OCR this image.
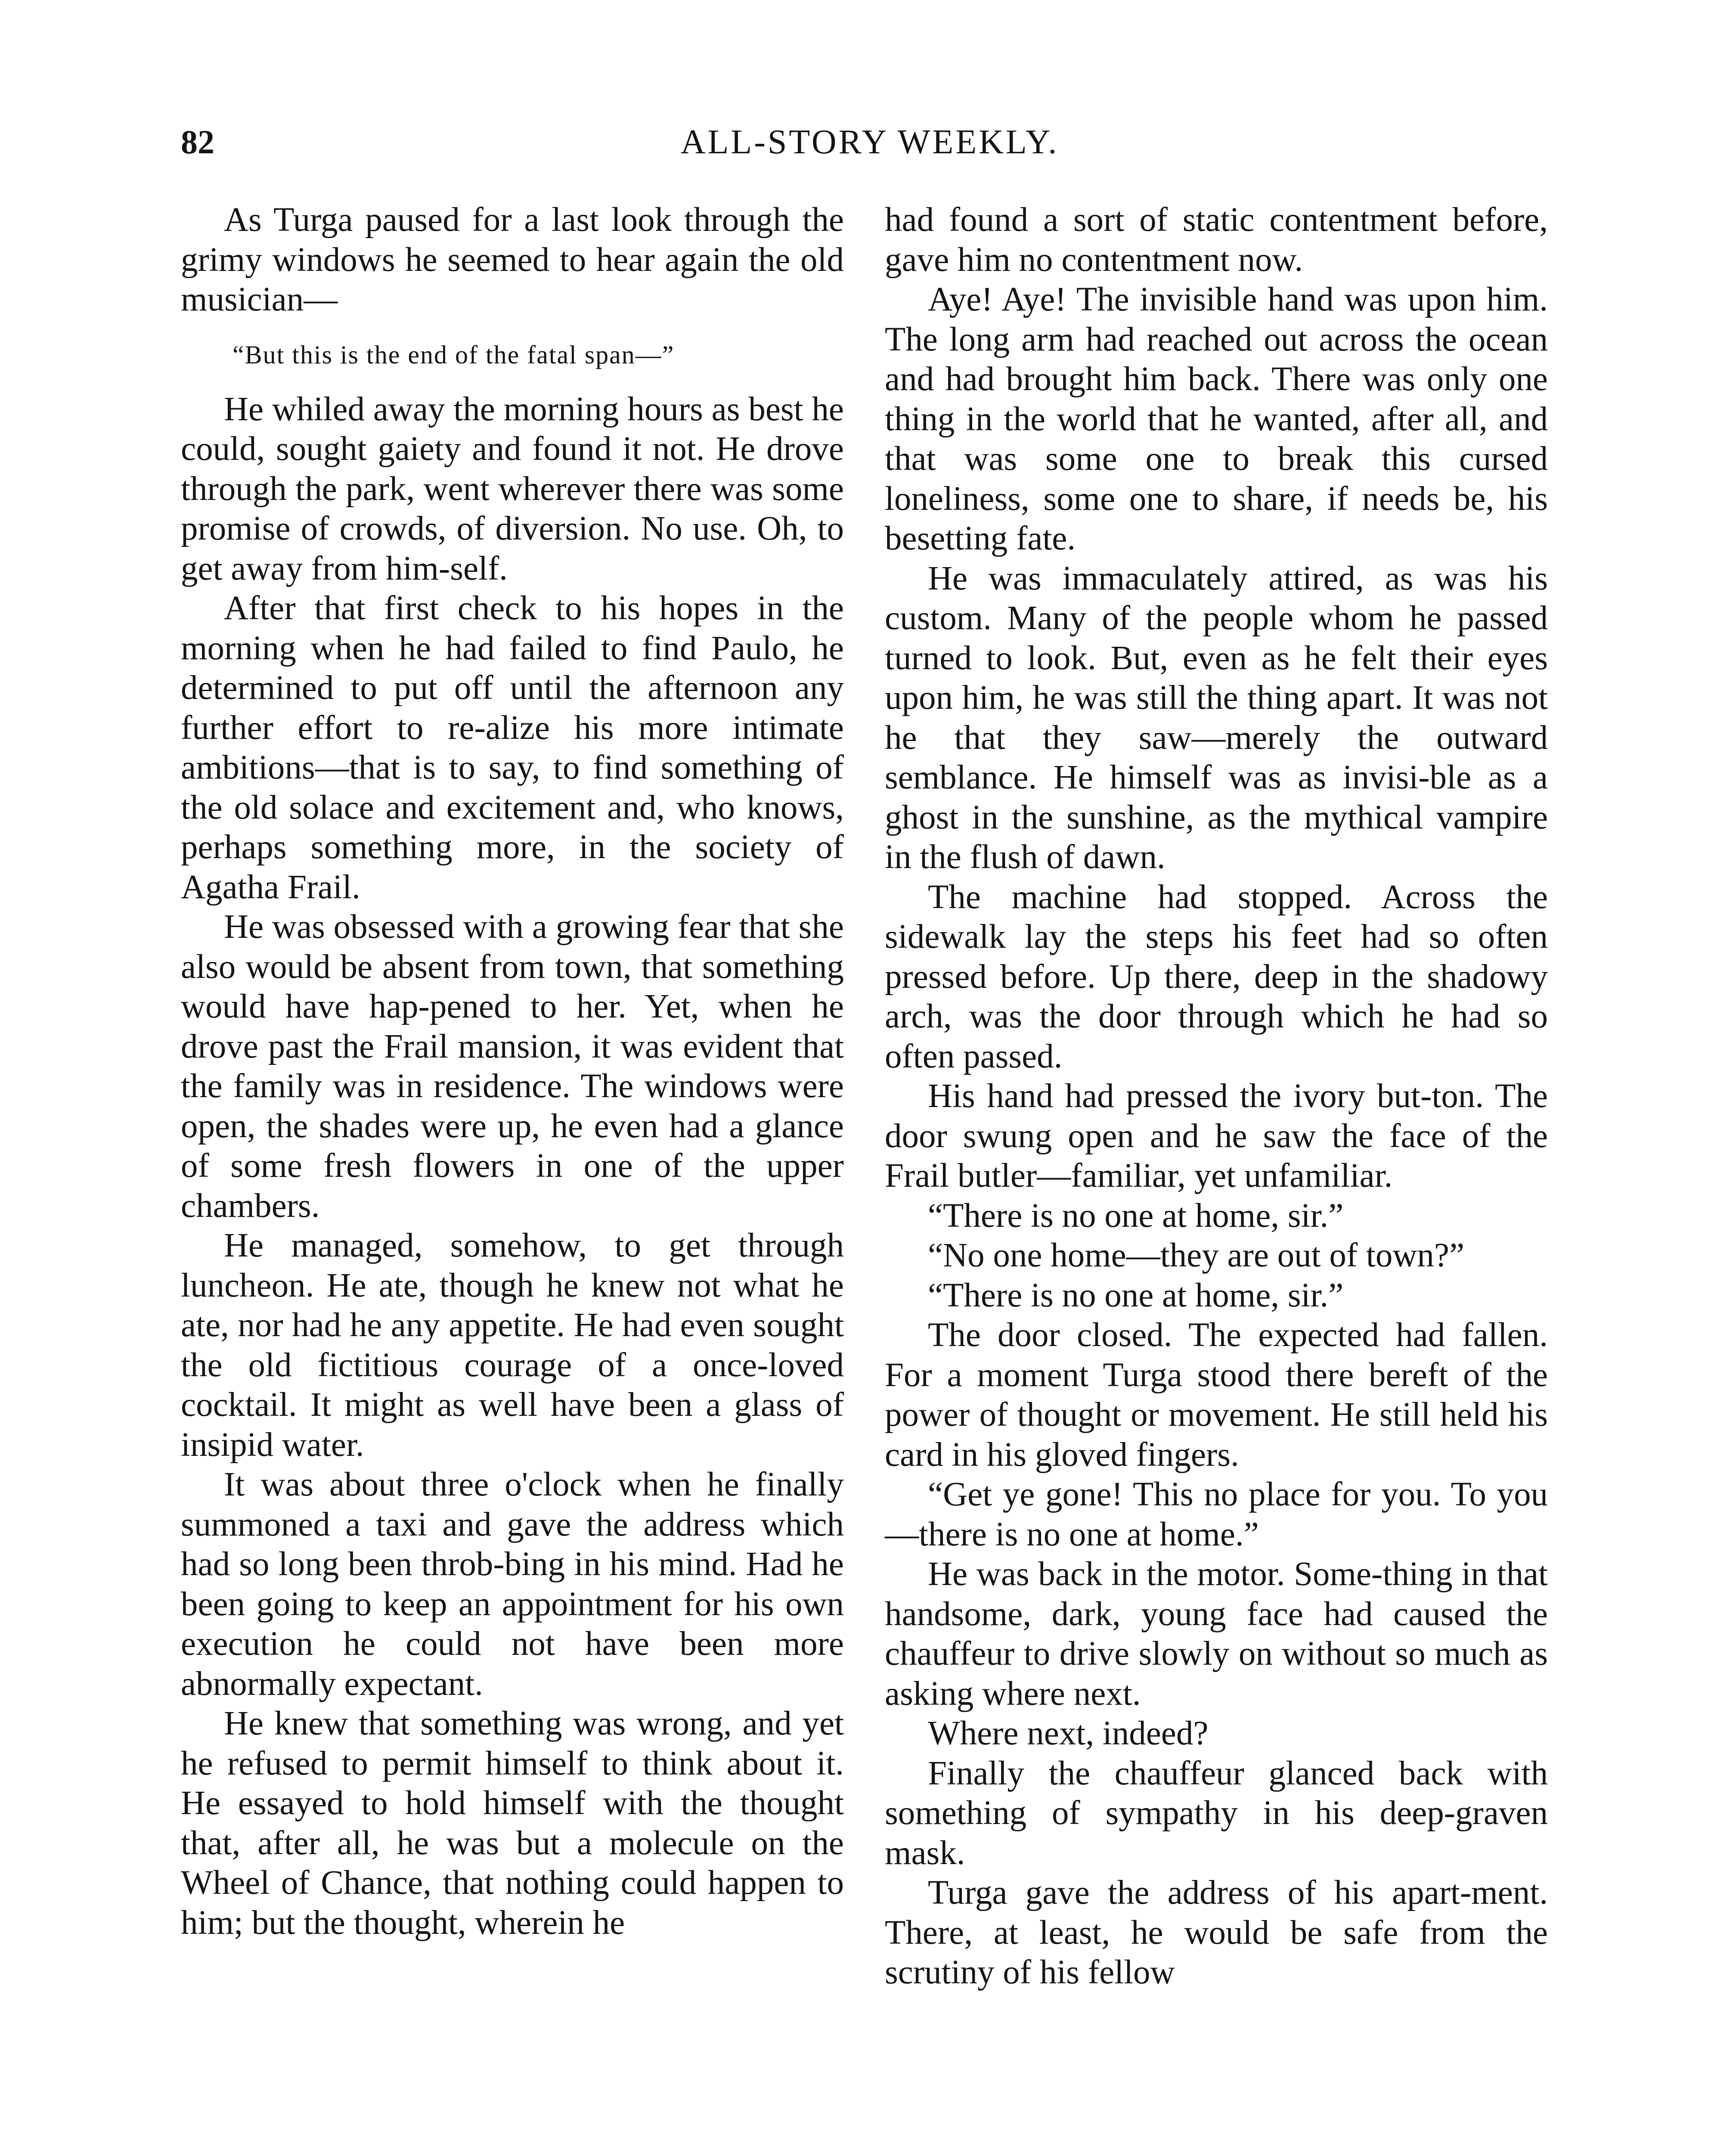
82	ALL-STORY WEEKLY.

As Turga paused for a last look through the grimy windows he seemed to hear again the old musician—

“But this is the end of the fatal span—”

He whiled away the morning hours as best he could, sought gaiety and found it not. He drove through the park, went wherever there was some promise of crowds, of diversion. No use. Oh, to get away from him-self.

After that first check to his hopes in the morning when he had failed to find Paulo, he determined to put off until the afternoon any further effort to re-alize his more intimate ambitions—that is to say, to find something of the old solace and excitement and, who knows, perhaps something more, in the society of Agatha Frail.

He was obsessed with a growing fear that she also would be absent from town, that something would have hap-pened to her. Yet, when he drove past the Frail mansion, it was evident that the family was in residence. The windows were open, the shades were up, he even had a glance of some fresh flowers in one of the upper chambers.

He managed, somehow, to get through luncheon. He ate, though he knew not what he ate, nor had he any appetite. He had even sought the old fictitious courage of a once-loved cocktail. It might as well have been a glass of insipid water.

It was about three o'clock when he finally summoned a taxi and gave the address which had so long been throb-bing in his mind. Had he been going to keep an appointment for his own execution he could not have been more abnormally expectant.

He knew that something was wrong, and yet he refused to permit himself to think about it. He essayed to hold himself with the thought that, after all, he was but a molecule on the Wheel of Chance, that nothing could happen to him; but the thought, wherein he

had found a sort of static contentment before, gave him no contentment now.

Aye! Aye! The invisible hand was upon him. The long arm had reached out across the ocean and had brought him back. There was only one thing in the world that he wanted, after all, and that was some one to break this cursed loneliness, some one to share, if needs be, his besetting fate.

He was immaculately attired, as was his custom. Many of the people whom he passed turned to look. But, even as he felt their eyes upon him, he was still the thing apart. It was not he that they saw—merely the outward semblance. He himself was as invisi-ble as a ghost in the sunshine, as the mythical vampire in the flush of dawn.

The machine had stopped. Across the sidewalk lay the steps his feet had so often pressed before. Up there, deep in the shadowy arch, was the door through which he had so often passed.

His hand had pressed the ivory but-ton. The door swung open and he saw the face of the Frail butler—familiar, yet unfamiliar.

“There is no one at home, sir.”

“No one home—they are out of town?”

“There is no one at home, sir.”

The door closed. The expected had fallen. For a moment Turga stood there bereft of the power of thought or movement. He still held his card in his gloved fingers.

“Get ye gone! This no place for you. To you—there is no one at home.”

He was back in the motor. Some-thing in that handsome, dark, young face had caused the chauffeur to drive slowly on without so much as asking where next.

Where next, indeed?

Finally the chauffeur glanced back with something of sympathy in his deep-graven mask.

Turga gave the address of his apart-ment. There, at least, he would be safe from the scrutiny of his fellow
